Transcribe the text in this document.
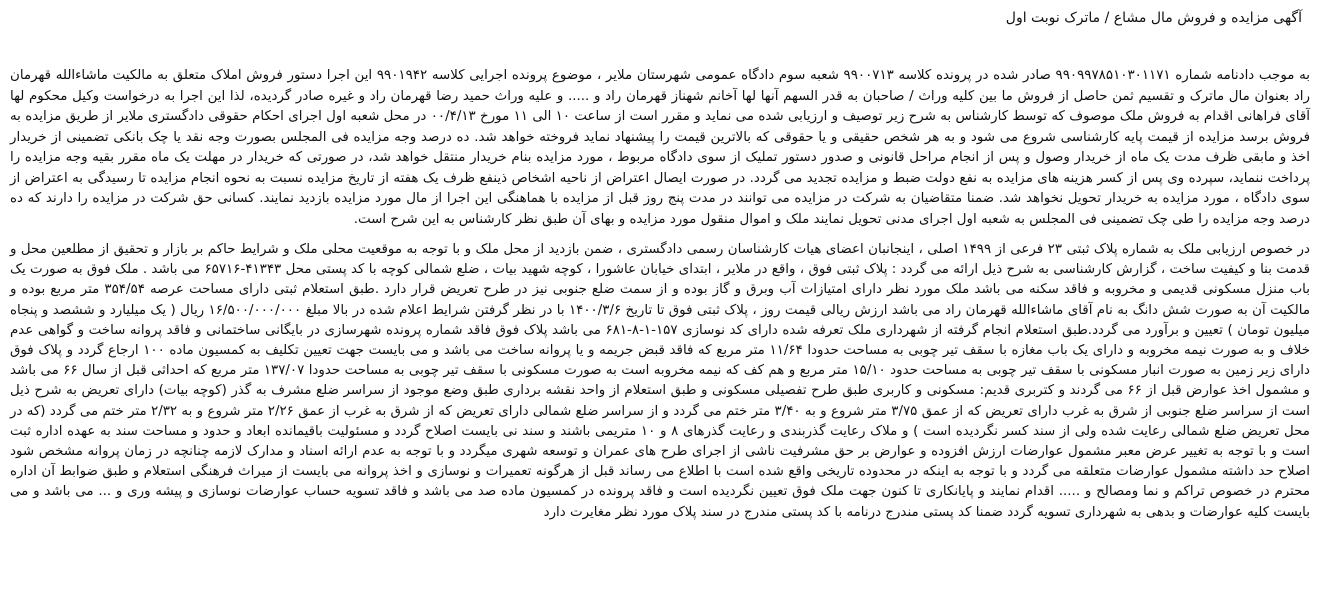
آگهی مزایده و فروش مال مشاع / ماترک نوبت اول

به موجب دادنامه شماره ۹۹۰۹۹۷۸۵۱۰۳۰۱۱۷۱ صادر شده در پرونده کلاسه ۹۹۰۰۷۱۳ شعبه سوم دادگاه عمومی شهرستان ملایر ، موضوع پرونده اجرایی کلاسه ۹۹۰۱۹۴۲ این اجرا دستور فروش املاک متعلق به مالکیت ماشاءالله قهرمان راد بعنوان مال ماترک و تقسیم ثمن حاصل از فروش ما بین کلیه وراث / صاحبان به قدر السهم آنها لها آخانم شهناز قهرمان راد و ..... و علیه وراث حمید رضا قهرمان راد و غیره صادر گردیده، لذا این اجرا به درخواست وکیل محکوم لها آقای فراهانی اقدام به فروش ملک موصوف که توسط کارشناس به شرح زیر توصیف و ارزیابی شده می نماید و مقرر است از ساعت ۱۰ الی ۱۱ مورخ ۰۰/۴/۱۳ در محل شعبه اول اجرای احکام حقوقی دادگستری ملایر از طریق مزایده به فروش برسد مزایده از قیمت پایه کارشناسی شروع می شود و به هر شخص حقیقی و یا حقوقی که بالاترین قیمت را پیشنهاد نماید فروخته خواهد شد. ده درصد وجه مزایده فی المجلس بصورت وجه نقد یا چک بانکی تضمینی از خریدار اخذ و مابقی ظرف مدت یک ماه از خریدار وصول و پس از انجام مراحل قانونی و صدور دستور تملیک از سوی دادگاه مربوط ، مورد مزایده بنام خریدار منتقل خواهد شد، در صورتی که خریدار در مهلت یک ماه مقرر بقیه وجه مزایده را پرداخت ننماید، سپرده وی پس از کسر هزینه های مزایده به نفع دولت ضبط و مزایده تجدید می گردد. در صورت ایصال اعتراض از ناحیه اشخاص ذینفع ظرف یک هفته از تاریخ مزایده نسبت به نحوه انجام مزایده تا رسیدگی به اعتراض از سوی دادگاه ، مورد مزایده به خریدار تحویل نخواهد شد. ضمنا متقاضیان به شرکت در مزایده می توانند در مدت پنج روز قبل از مزایده با هماهنگی این اجرا از مال مورد مزایده بازدید نمایند. کسانی حق شرکت در مزایده را دارند که ده درصد وجه مزایده را طی چک تضمینی فی المجلس به شعبه اول اجرای مدنی تحویل نمایند ملک و اموال منقول مورد مزایده و بهای آن طبق نظر کارشناس به این شرح است.

در خصوص ارزیابی ملک به شماره پلاک ثبتی ۲۳ فرعی از ۱۴۹۹ اصلی ، اینجانبان اعضای هیات کارشناسان رسمی دادگستری ، ضمن بازدید از محل ملک و با توجه به موقعیت محلی ملک و شرایط حاکم بر بازار و تحقیق از مطلعین محل و قدمت بنا و کیفیت ساخت ، گزارش کارشناسی به شرح ذیل ارائه می گردد : پلاک ثبتی فوق ، واقع در ملایر ، ابتدای خیابان عاشورا ، کوچه شهید بیات ، ضلع شمالی کوچه با کد پستی محل ۴۱۳۴۳-۶۵۷۱۶ می باشد . ملک فوق به صورت یک باب منزل مسکونی قدیمی و مخروبه و فاقد سکنه می باشد ملک مورد نظر دارای امتیازات آب وبرق و گاز بوده و از سمت ضلع جنوبی نیز در طرح تعریض قرار دارد .طبق استعلام ثبتی دارای مساحت عرصه ۳۵۴/۵۴ متر مربع بوده و مالکیت آن به صورت شش دانگ به نام آقای ماشاءالله قهرمان راد می باشد ارزش ریالی قیمت روز ، پلاک ثبتی فوق تا تاریخ ۱۴۰۰/۳/۶ با در نظر گرفتن شرایط اعلام شده در بالا مبلغ ۱۶/۵۰۰/۰۰۰/۰۰۰ ریال ( یک میلیارد و ششصد و پنجاه میلیون تومان ) تعیین و برآورد می گردد.طبق استعلام انجام گرفته از شهرداری ملک تعرفه شده دارای کد نوسازی ۱۵۷-۱-۸-۶۸۱ می باشد پلاک فوق فاقد شماره پرونده شهرسازی در بایگانی ساختمانی و فاقد پروانه ساخت و گواهی عدم خلاف و به صورت نیمه مخروبه و دارای یک باب مغازه با سقف تیر چوبی به مساحت حدودا ۱۱/۶۴ متر مربع که فاقد قبض جریمه و یا پروانه ساخت می باشد و می بایست جهت تعیین تکلیف به کمسیون ماده ۱۰۰ ارجاع گردد و پلاک فوق دارای زیر زمین به صورت انبار مسکونی با سقف تیر چوبی به مساحت حدود ۱۵/۱۰ متر مربع و هم کف که نیمه مخروبه است به صورت مسکونی با سقف تیر چوبی به مساحت حدودا ۱۳۷/۰۷ متر مربع که احداثی قبل از سال ۶۶ می باشد و مشمول اخذ عوارض قبل از ۶۶ می گردند و کتربری قدیم: مسکونی و کاربری طبق طرح تفصیلی مسکونی و طبق استعلام از واحد نقشه برداری طبق وضع موجود از سراسر ضلع مشرف به گذر (کوچه بیات) دارای تعریض به شرح ذیل است از سراسر ضلع جنوبی از شرق به غرب دارای تعریض که از عمق ۳/۷۵ متر شروع و به ۳/۴۰ متر ختم می گردد و از سراسر ضلع شمالی دارای تعریض که از شرق به غرب از عمق ۲/۲۶ متر شروع و به ۲/۳۲ متر ختم می گردد (که در محل تعریض ضلع شمالی رعایت شده ولی از سند کسر نگردیده است ) و ملاک رعایت گذربندی و رعایت گذرهای ۸ و ۱۰ متریمی باشند و سند نی بایست اصلاح گردد و مسئولیت باقیمانده ابعاد و حدود و مساحت سند به عهده اداره ثبت است و با توجه به تغییر عرض معبر مشمول عوارضات ارزش افزوده و عوارض بر حق مشرفیت ناشی از اجرای طرح های عمران و توسعه شهری میگردد و با توجه به عدم ارائه اسناد و مدارک لازمه چنانچه در زمان پروانه مشخص شود اصلاح حد داشته مشمول عوارضات متعلقه می گردد و با توجه به اینکه در محدوده تاریخی واقع شده است با اطلاع می رساند قبل از هرگونه تعمیرات و نوسازی و اخذ پروانه می بایست از میراث فرهنگی استعلام و طبق ضوابط آن اداره محترم در خصوص تراکم و نما ومصالح و ..... اقدام نمایند و پایانکاری تا کنون جهت ملک فوق تعیین نگردیده است و فاقد پرونده در کمسیون ماده صد می باشد و فاقد تسویه حساب عوارضات نوسازی و پیشه وری و ... می باشد و می بایست کلیه عوارضات و بدهی به شهرداری تسویه گردد ضمنا کد پستی مندرج درنامه با کد پستی مندرج در سند پلاک مورد نظر مغایرت دارد
